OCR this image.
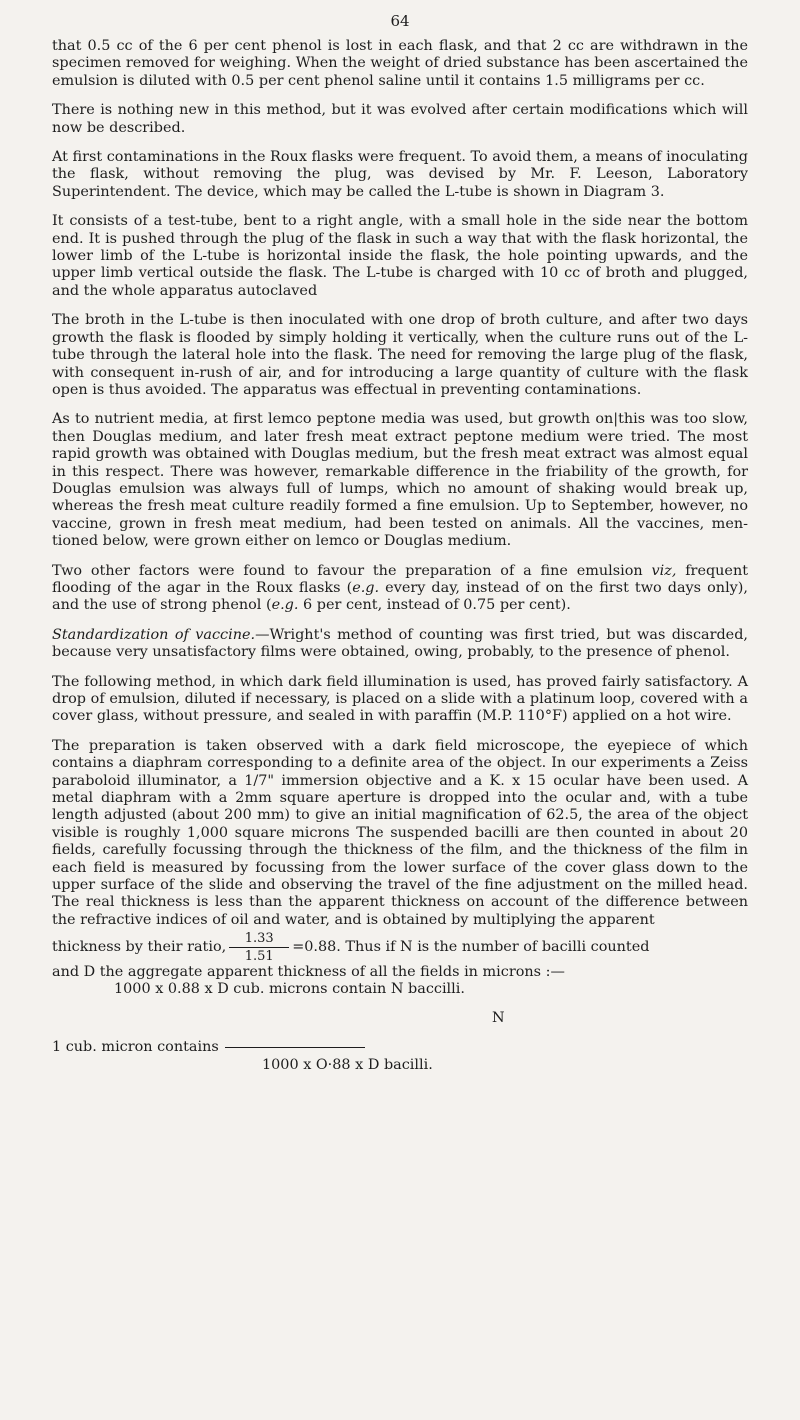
64

that 0.5 cc of the 6 per cent phenol is lost in each flask, and that 2 cc are withdrawn in the specimen removed for weighing. When the weight of dried substance has been ascertained the emulsion is diluted with 0.5 per cent phenol saline until it contains 1.5 milligrams per cc.

There is nothing new in this method, but it was evolved after certain modifications which will now be described.

At first contaminations in the Roux flasks were frequent. To avoid them, a means of inoculating the flask, without removing the plug, was devised by Mr. F. Leeson, Laboratory Superintendent. The device, which may be called the L-tube is shown in Diagram 3.

It consists of a test-tube, bent to a right angle, with a small hole in the side near the bottom end. It is pushed through the plug of the flask in such a way that with the flask horizontal, the lower limb of the L-tube is horizontal inside the flask, the hole pointing upwards, and the upper limb vertical outside the flask. The L-tube is charged with 10 cc of broth and plugged, and the whole apparatus autoclaved

The broth in the L-tube is then inoculated with one drop of broth culture, and after two days growth the flask is flooded by simply holding it vertically, when the culture runs out of the L-tube through the lateral hole into the flask. The need for removing the large plug of the flask, with consequent in-rush of air, and for introducing a large quantity of culture with the flask open is thus avoided. The apparatus was effectual in preventing contaminations.

As to nutrient media, at first lemco peptone media was used, but growth on|this was too slow, then Douglas medium, and later fresh meat extract peptone medium were tried. The most rapid growth was obtained with Douglas medium, but the fresh meat extract was almost equal in this respect. There was however, remarkable difference in the friability of the growth, for Douglas emulsion was always full of lumps, which no amount of shaking would break up, whereas the fresh meat culture readily formed a fine emulsion. Up to September, however, no vaccine, grown in fresh meat medium, had been tested on animals. All the vaccines, mentioned below, were grown either on lemco or Douglas medium.

Two other factors were found to favour the preparation of a fine emulsion viz, frequent flooding of the agar in the Roux flasks (e.g. every day, instead of on the first two days only), and the use of strong phenol (e.g. 6 per cent, instead of 0.75 per cent).

Standardization of vaccine.—Wright's method of counting was first tried, but was discarded, because very unsatisfactory films were obtained, owing, probably, to the presence of phenol.

The following method, in which dark field illumination is used, has proved fairly satisfactory. A drop of emulsion, diluted if necessary, is placed on a slide with a platinum loop, covered with a cover glass, without pressure, and sealed in with paraffin (M.P. 110°F) applied on a hot wire.

The preparation is taken observed with a dark field microscope, the eyepiece of which contains a diaphram corresponding to a definite area of the object. In our experiments a Zeiss paraboloid illuminator, a 1/7" immersion objective and a K. x 15 ocular have been used. A metal diaphram with a 2mm square aperture is dropped into the ocular and, with a tube length adjusted (about 200 mm) to give an initial magnification of 62.5, the area of the object visible is roughly 1,000 square microns The suspended bacilli are then counted in about 20 fields, carefully focussing through the thickness of the film, and the thickness of the film in each field is measured by focussing from the lower surface of the cover glass down to the upper surface of the slide and observing the travel of the fine adjustment on the milled head. The real thickness is less than the apparent thickness on account of the difference between the refractive indices of oil and water, and is obtained by multiplying the apparent

thickness by their ratio, $\frac{1.33}{1.51} =0.88$. Thus if N is the number of bacilli counted

and D the aggregate apparent thickness of all the fields in microns :—

1000 x 0.88 x D cub. microns contain N baccilli.

N

1 cub. micron contains

1000 x O·88 x D bacilli.
